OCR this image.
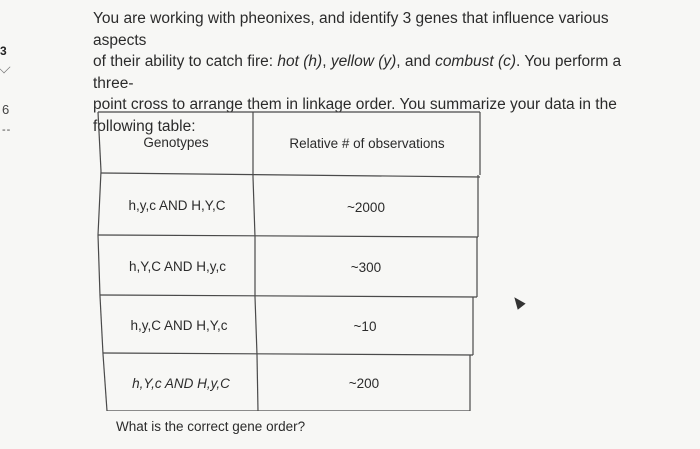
3
6
--
You are working with pheonixes, and identify 3 genes that influence various aspects
of their ability to catch fire: hot (h), yellow (y), and combust (c). You perform a three-
point cross to arrange them in linkage order. You summarize your data in the
following table:
Genotypes	Relative # of observations
h,y,c AND H,Y,C	~2000
h,Y,C AND H,y,c	~300
h,y,C AND H,Y,c	~10
h,Y,c AND H,y,C	~200
What is the correct gene order?
